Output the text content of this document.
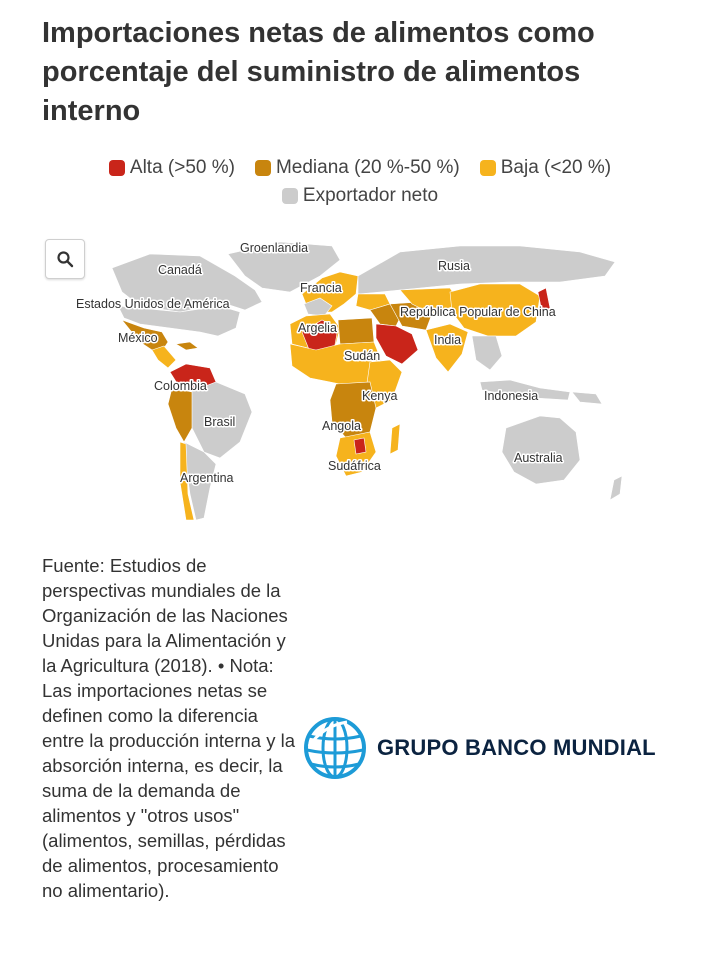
Importaciones netas de alimentos como porcentaje del suministro de alimentos interno
Alta (>50 %) Mediana (20 %-50 %) Baja (<20 %)
Exportador neto
Groenlandia
Canadá
Estados Unidos de América
México
Colombia
Brasil
Argentina
Rusia
Francia
Argelia
República Popular de China
India
Sudán
Kenya
Angola
Sudáfrica
Indonesia
Australia

Fuente: Estudios de perspectivas mundiales de la Organización de las Naciones Unidas para la Alimentación y la Agricultura (2018). • Nota: Las importaciones netas se definen como la diferencia entre la producción interna y la absorción interna, es decir, la suma de la demanda de alimentos y "otros usos" (alimentos, semillas, pérdidas de alimentos, procesamiento no alimentario).

GRUPO BANCO MUNDIAL
